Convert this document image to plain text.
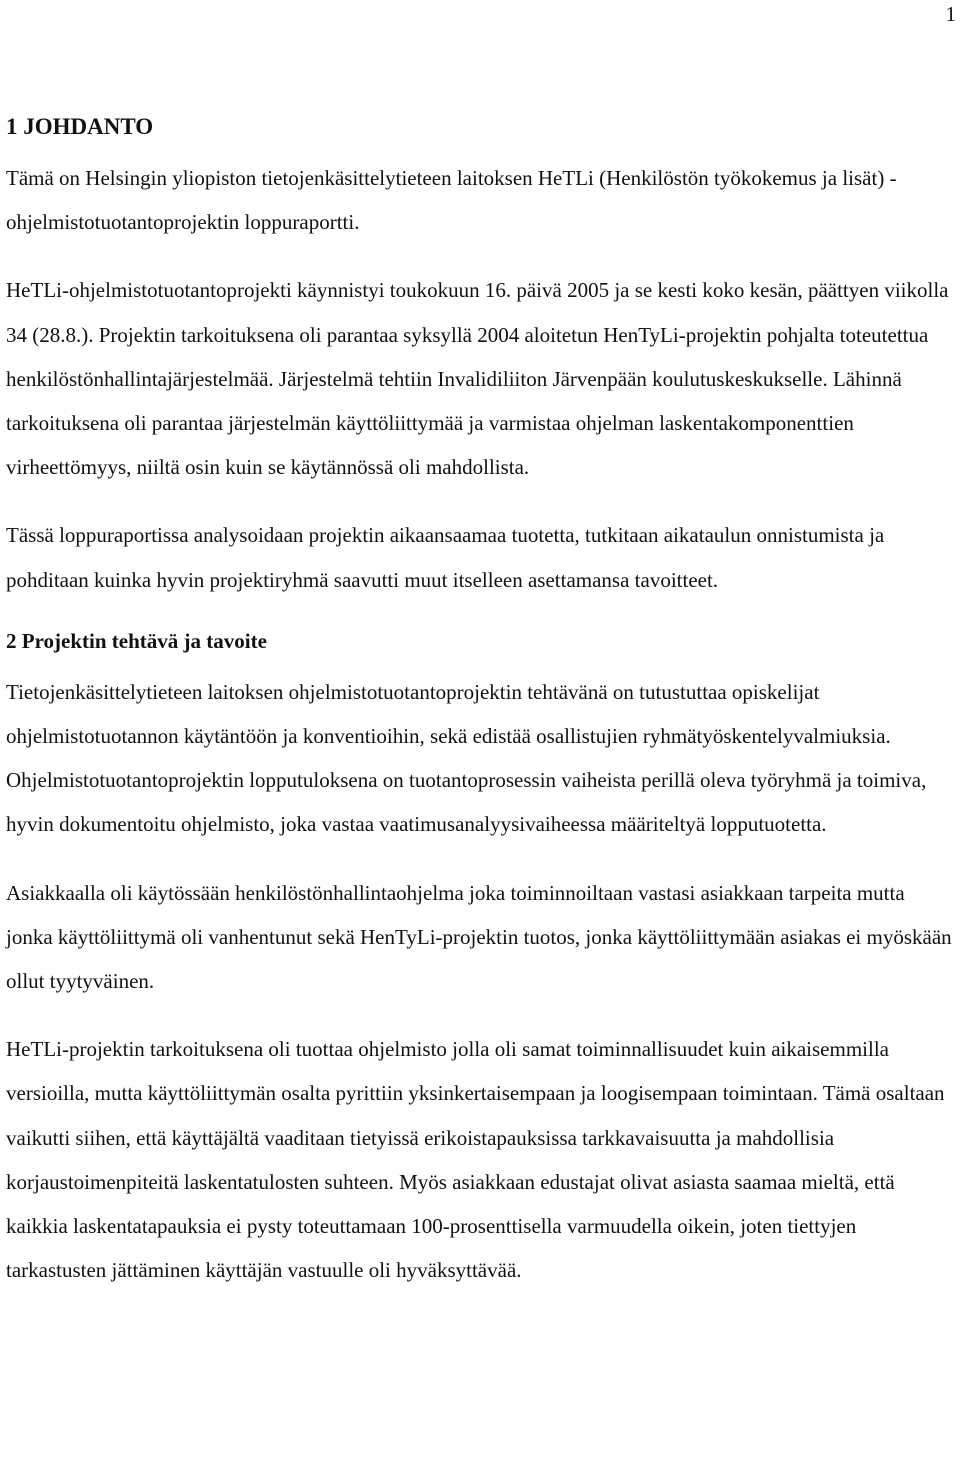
1
1 JOHDANTO

Tämä on Helsingin yliopiston tietojenkäsittelytieteen laitoksen HeTLi (Henkilöstön työkokemus ja lisät) -ohjelmistotuotantoprojektin loppuraportti.

HeTLi-ohjelmistotuotantoprojekti käynnistyi toukokuun 16. päivä 2005 ja se kesti koko kesän, päättyen viikolla 34 (28.8.). Projektin tarkoituksena oli parantaa syksyllä 2004 aloitetun HenTyLi-projektin pohjalta toteutettua henkilöstönhallintajärjestelmää. Järjestelmä tehtiin Invalidiliiton Järvenpään koulutuskeskukselle. Lähinnä tarkoituksena oli parantaa järjestelmän käyttöliittymää ja varmistaa ohjelman laskentakomponenttien virheettömyys, niiltä osin kuin se käytännössä oli mahdollista.

Tässä loppuraportissa analysoidaan projektin aikaansaamaa tuotetta, tutkitaan aikataulun onnistumista ja pohditaan kuinka hyvin projektiryhmä saavutti muut itselleen asettamansa tavoitteet.

2 Projektin tehtävä ja tavoite

Tietojenkäsittelytieteen laitoksen ohjelmistotuotantoprojektin tehtävänä on tutustuttaa opiskelijat ohjelmistotuotannon käytäntöön ja konventioihin, sekä edistää osallistujien ryhmätyöskentelyvalmiuksia. Ohjelmistotuotantoprojektin lopputuloksena on tuotantoprosessin vaiheista perillä oleva työryhmä ja toimiva, hyvin dokumentoitu ohjelmisto, joka vastaa vaatimusanalyysivaiheessa määriteltyä lopputuotetta.

Asiakkaalla oli käytössään henkilöstönhallintaohjelma joka toiminnoiltaan vastasi asiakkaan tarpeita mutta jonka käyttöliittymä oli vanhentunut sekä HenTyLi-projektin tuotos, jonka käyttöliittymään asiakas ei myöskään ollut tyytyväinen.

HeTLi-projektin tarkoituksena oli tuottaa ohjelmisto jolla oli samat toiminnallisuudet kuin aikaisemmilla versioilla, mutta käyttöliittymän osalta pyrittiin yksinkertaisempaan ja loogisempaan toimintaan. Tämä osaltaan vaikutti siihen, että käyttäjältä vaaditaan tietyissä erikoistapauksissa tarkkavaisuutta ja mahdollisia korjaustoimenpiteitä laskentatulosten suhteen. Myös asiakkaan edustajat olivat asiasta saamaa mieltä, että kaikkia laskentatapauksia ei pysty toteuttamaan 100-prosenttisella varmuudella oikein, joten tiettyjen tarkastusten jättäminen käyttäjän vastuulle oli hyväksyttävää.
